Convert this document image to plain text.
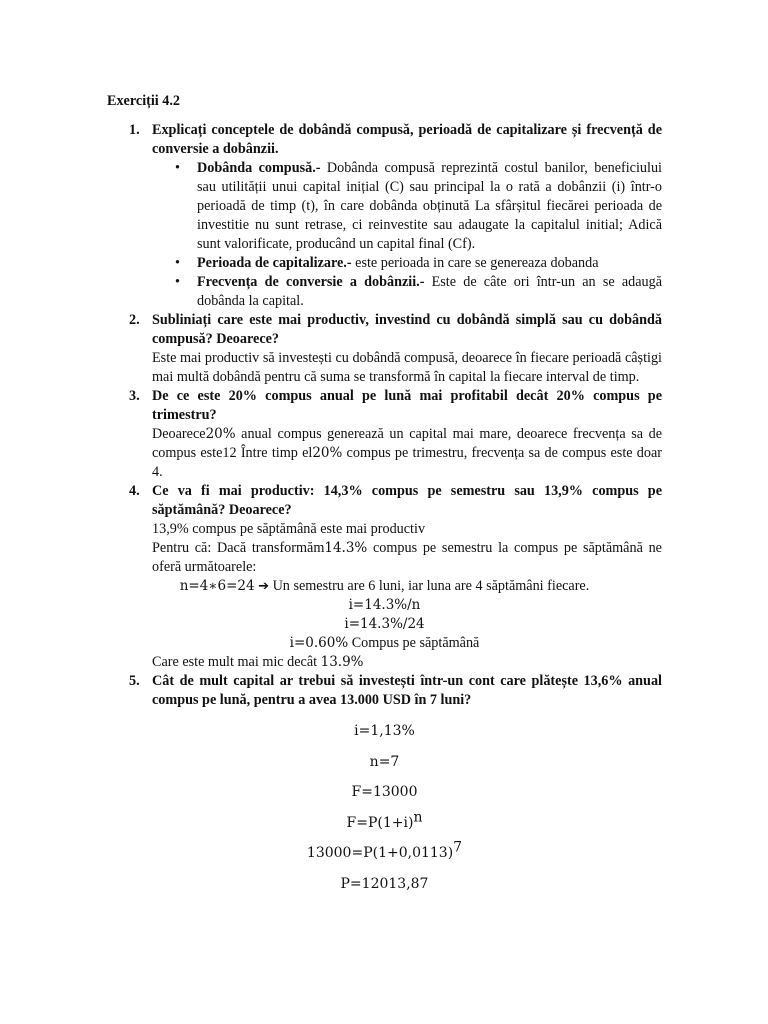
Exerciții 4.2
1. Explicați conceptele de dobândă compusă, perioadă de capitalizare și frecvență de conversie a dobânzii.
• Dobânda compusă.- Dobânda compusă reprezintă costul banilor, beneficiului sau utilității unui capital inițial (C) sau principal la o rată a dobânzii (i) într-o perioadă de timp (t), în care dobânda obținută La sfârșitul fiecărei perioada de investitie nu sunt retrase, ci reinvestite sau adaugate la capitalul initial; Adică sunt valorificate, producând un capital final (Cf).
• Perioada de capitalizare.- este perioada in care se genereaza dobanda
• Frecvența de conversie a dobânzii.- Este de câte ori într-un an se adaugă dobânda la capital.
2. Subliniați care este mai productiv, investind cu dobândă simplă sau cu dobândă compusă? Deoarece?
Este mai productiv să investești cu dobândă compusă, deoarece în fiecare perioadă câștigi mai multă dobândă pentru că suma se transformă în capital la fiecare interval de timp.
3. De ce este 20% compus anual pe lună mai profitabil decât 20% compus pe trimestru?
Deoarece20% anual compus generează un capital mai mare, deoarece frecvența sa de compus este12 Între timp el20% compus pe trimestru, frecvența sa de compus este doar 4.
4. Ce va fi mai productiv: 14,3% compus pe semestru sau 13,9% compus pe săptămână? Deoarece?
13,9% compus pe săptămână este mai productiv
Pentru că: Dacă transformăm14.3% compus pe semestru la compus pe săptămână ne oferă următoarele:
n=4∗6=24 ➔ Un semestru are 6 luni, iar luna are 4 săptămâni fiecare.
i=14.3%/n
i=14.3%/24
i=0.60% Compus pe săptămână
Care este mult mai mic decât 13.9%
5. Cât de mult capital ar trebui să investești într-un cont care plătește 13,6% anual compus pe lună, pentru a avea 13.000 USD în 7 luni?
i=1,13%
n=7
F=13000
$F=P(1+i)^n$
$13000=P(1+0,0113)^7$
P=12013,87
